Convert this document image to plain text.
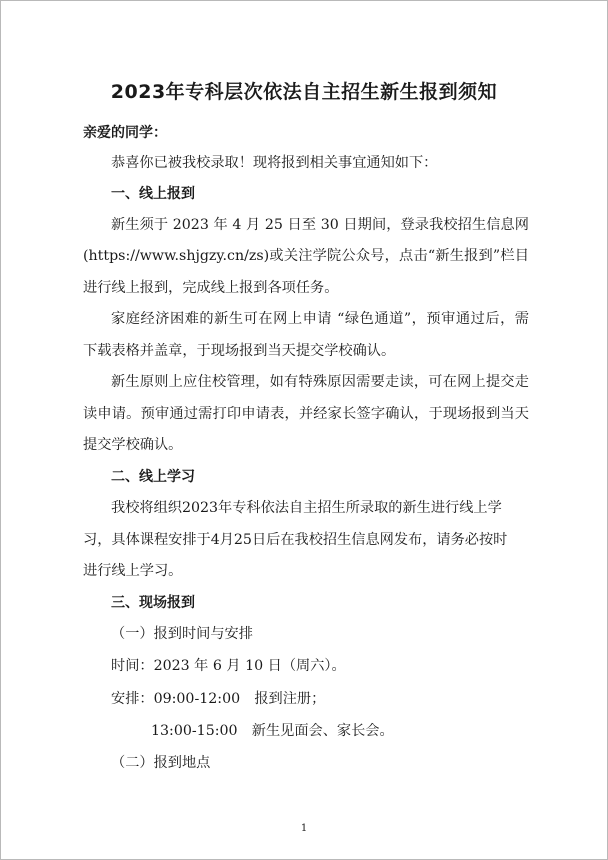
2023年专科层次依法自主招生新生报到须知
亲爱的同学：
恭喜你已被我校录取！现将报到相关事宜通知如下：
一、线上报到
新生须于 2023 年 4 月 25 日至 30 日期间，登录我校招生信息网
(https://www.shjgzy.cn/zs)或关注学院公众号，点击“新生报到”栏目
进行线上报到，完成线上报到各项任务。
家庭经济困难的新生可在网上申请 “绿色通道”，预审通过后，需
下载表格并盖章，于现场报到当天提交学校确认。
新生原则上应住校管理，如有特殊原因需要走读，可在网上提交走
读申请。预审通过需打印申请表，并经家长签字确认，于现场报到当天
提交学校确认。
二、线上学习
我校将组织2023年专科依法自主招生所录取的新生进行线上学
习，具体课程安排于4月25日后在我校招生信息网发布，请务必按时
进行线上学习。
三、现场报到
（一）报到时间与安排
时间：2023 年 6 月 10 日（周六）。
安排：09:00-12:00　报到注册；
13:00-15:00　新生见面会、家长会。
（二）报到地点
1
